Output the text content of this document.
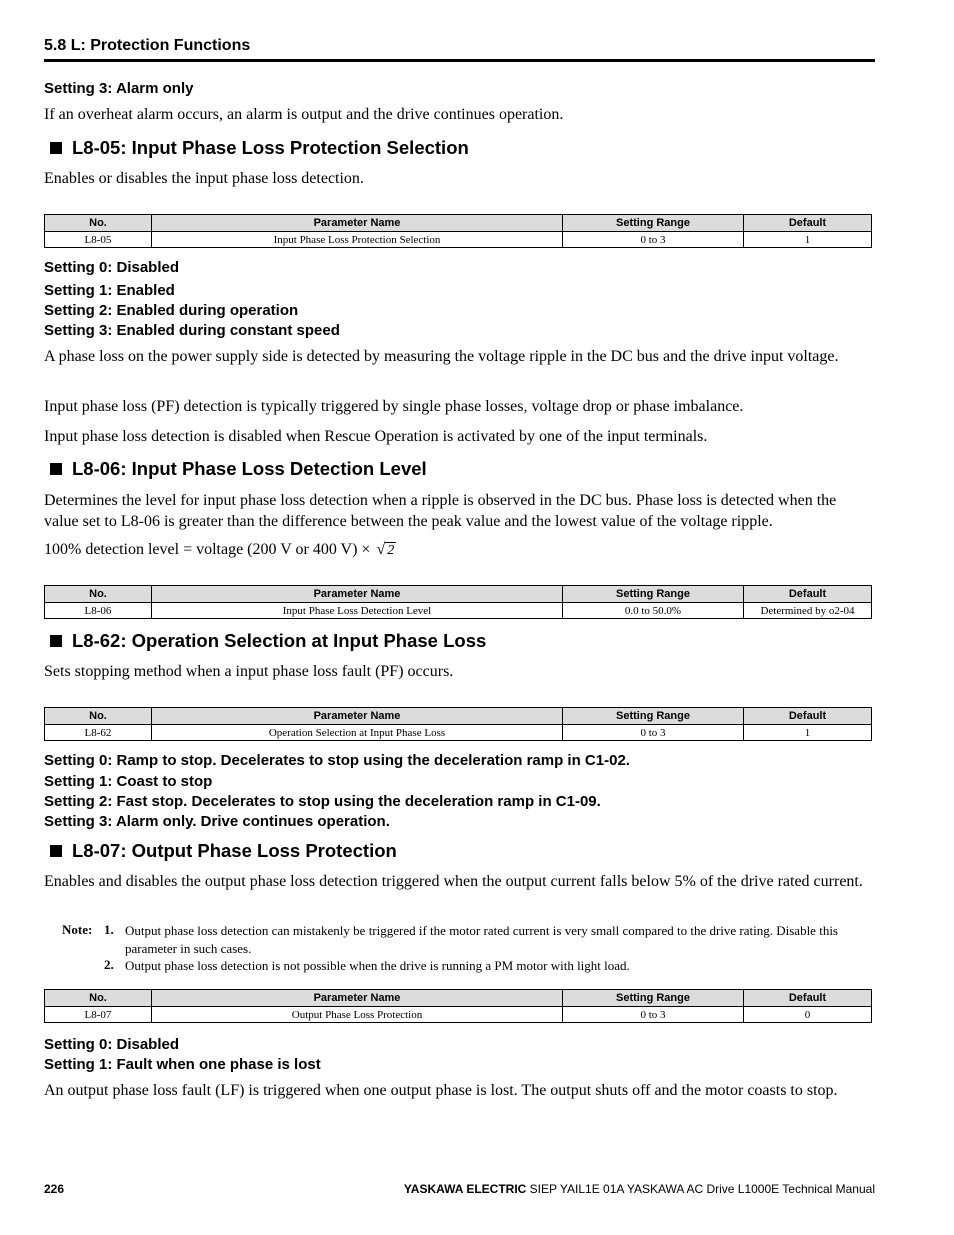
5.8 L: Protection Functions
Setting 3: Alarm only
If an overheat alarm occurs, an alarm is output and the drive continues operation.
L8-05: Input Phase Loss Protection Selection
Enables or disables the input phase loss detection.
No.	Parameter Name	Setting Range	Default
L8-05	Input Phase Loss Protection Selection	0 to 3	1
Setting 0: Disabled
Setting 1: Enabled
Setting 2: Enabled during operation
Setting 3: Enabled during constant speed
A phase loss on the power supply side is detected by measuring the voltage ripple in the DC bus and the drive input voltage.
Input phase loss (PF) detection is typically triggered by single phase losses, voltage drop or phase imbalance.
Input phase loss detection is disabled when Rescue Operation is activated by one of the input terminals.
L8-06: Input Phase Loss Detection Level
Determines the level for input phase loss detection when a ripple is observed in the DC bus. Phase loss is detected when the value set to L8-06 is greater than the difference between the peak value and the lowest value of the voltage ripple.
100% detection level = voltage (200 V or 400 V) × √ 2
No.	Parameter Name	Setting Range	Default
L8-06	Input Phase Loss Detection Level	0.0 to 50.0%	Determined by o2-04
L8-62: Operation Selection at Input Phase Loss
Sets stopping method when a input phase loss fault (PF) occurs.
No.	Parameter Name	Setting Range	Default
L8-62	Operation Selection at Input Phase Loss	0 to 3	1
Setting 0: Ramp to stop. Decelerates to stop using the deceleration ramp in C1-02.
Setting 1: Coast to stop
Setting 2: Fast stop. Decelerates to stop using the deceleration ramp in C1-09.
Setting 3: Alarm only. Drive continues operation.
L8-07: Output Phase Loss Protection
Enables and disables the output phase loss detection triggered when the output current falls below 5% of the drive rated current.
Note: 1. Output phase loss detection can mistakenly be triggered if the motor rated current is very small compared to the drive rating. Disable this parameter in such cases.
2. Output phase loss detection is not possible when the drive is running a PM motor with light load.
No.	Parameter Name	Setting Range	Default
L8-07	Output Phase Loss Protection	0 to 3	0
Setting 0: Disabled
Setting 1: Fault when one phase is lost
An output phase loss fault (LF) is triggered when one output phase is lost. The output shuts off and the motor coasts to stop.
226	YASKAWA ELECTRIC SIEP YAIL1E 01A YASKAWA AC Drive L1000E Technical Manual
